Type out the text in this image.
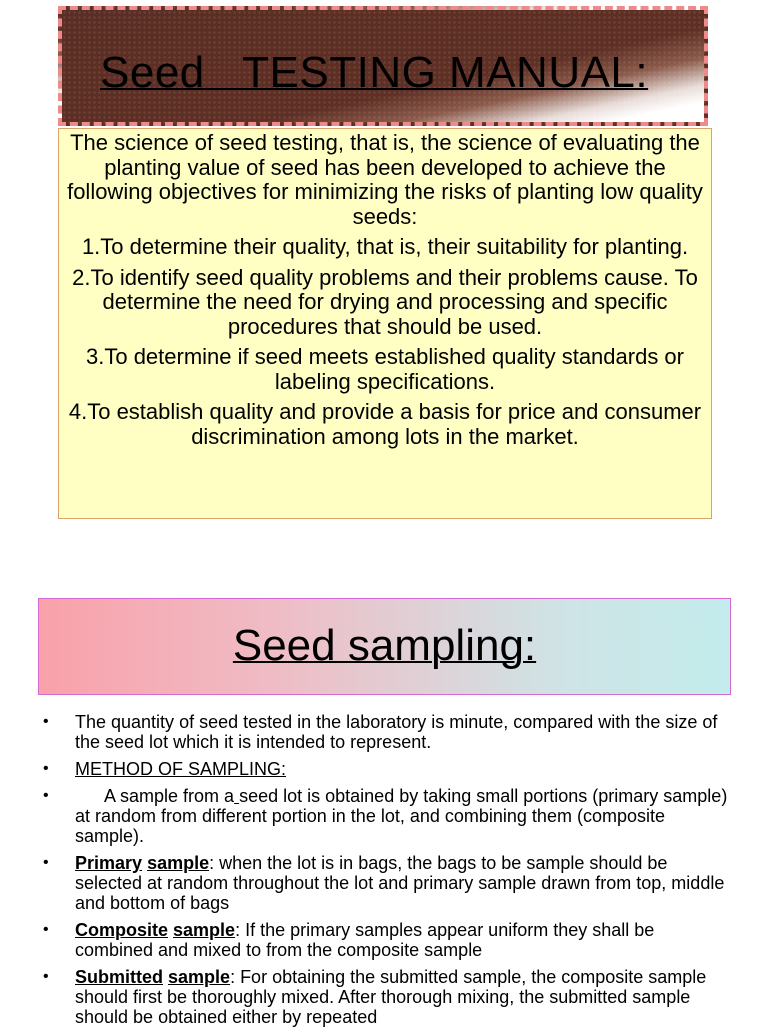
Seed   TESTING MANUAL:

The science of seed testing, that is, the science of evaluating the planting value of seed has been developed to achieve the following objectives for minimizing the risks of planting low quality seeds:

1.To determine their quality, that is, their suitability for planting.

2.To identify seed quality problems and their problems cause. To determine the need for drying and processing and specific procedures that should be used.

3.To determine if seed meets established quality standards or labeling specifications.

4.To establish quality and provide a basis for price and consumer discrimination among lots in the market.

Seed sampling:
• The quantity of seed tested in the laboratory is minute, compared with the size of the seed lot which it is intended to represent.
• METHOD OF SAMPLING:
• A sample from a seed lot is obtained by taking small portions (primary sample) at random from different portion in the lot, and combining them (composite sample).
• Primary sample: when the lot is in bags, the bags to be sample should be selected at random throughout the lot and primary sample drawn from top, middle and bottom of bags
• Composite sample: If the primary samples appear uniform they shall be combined and mixed to from the composite sample
• Submitted sample: For obtaining the submitted sample, the composite sample should first be thoroughly mixed. After thorough mixing, the submitted sample should be obtained either by repeated
